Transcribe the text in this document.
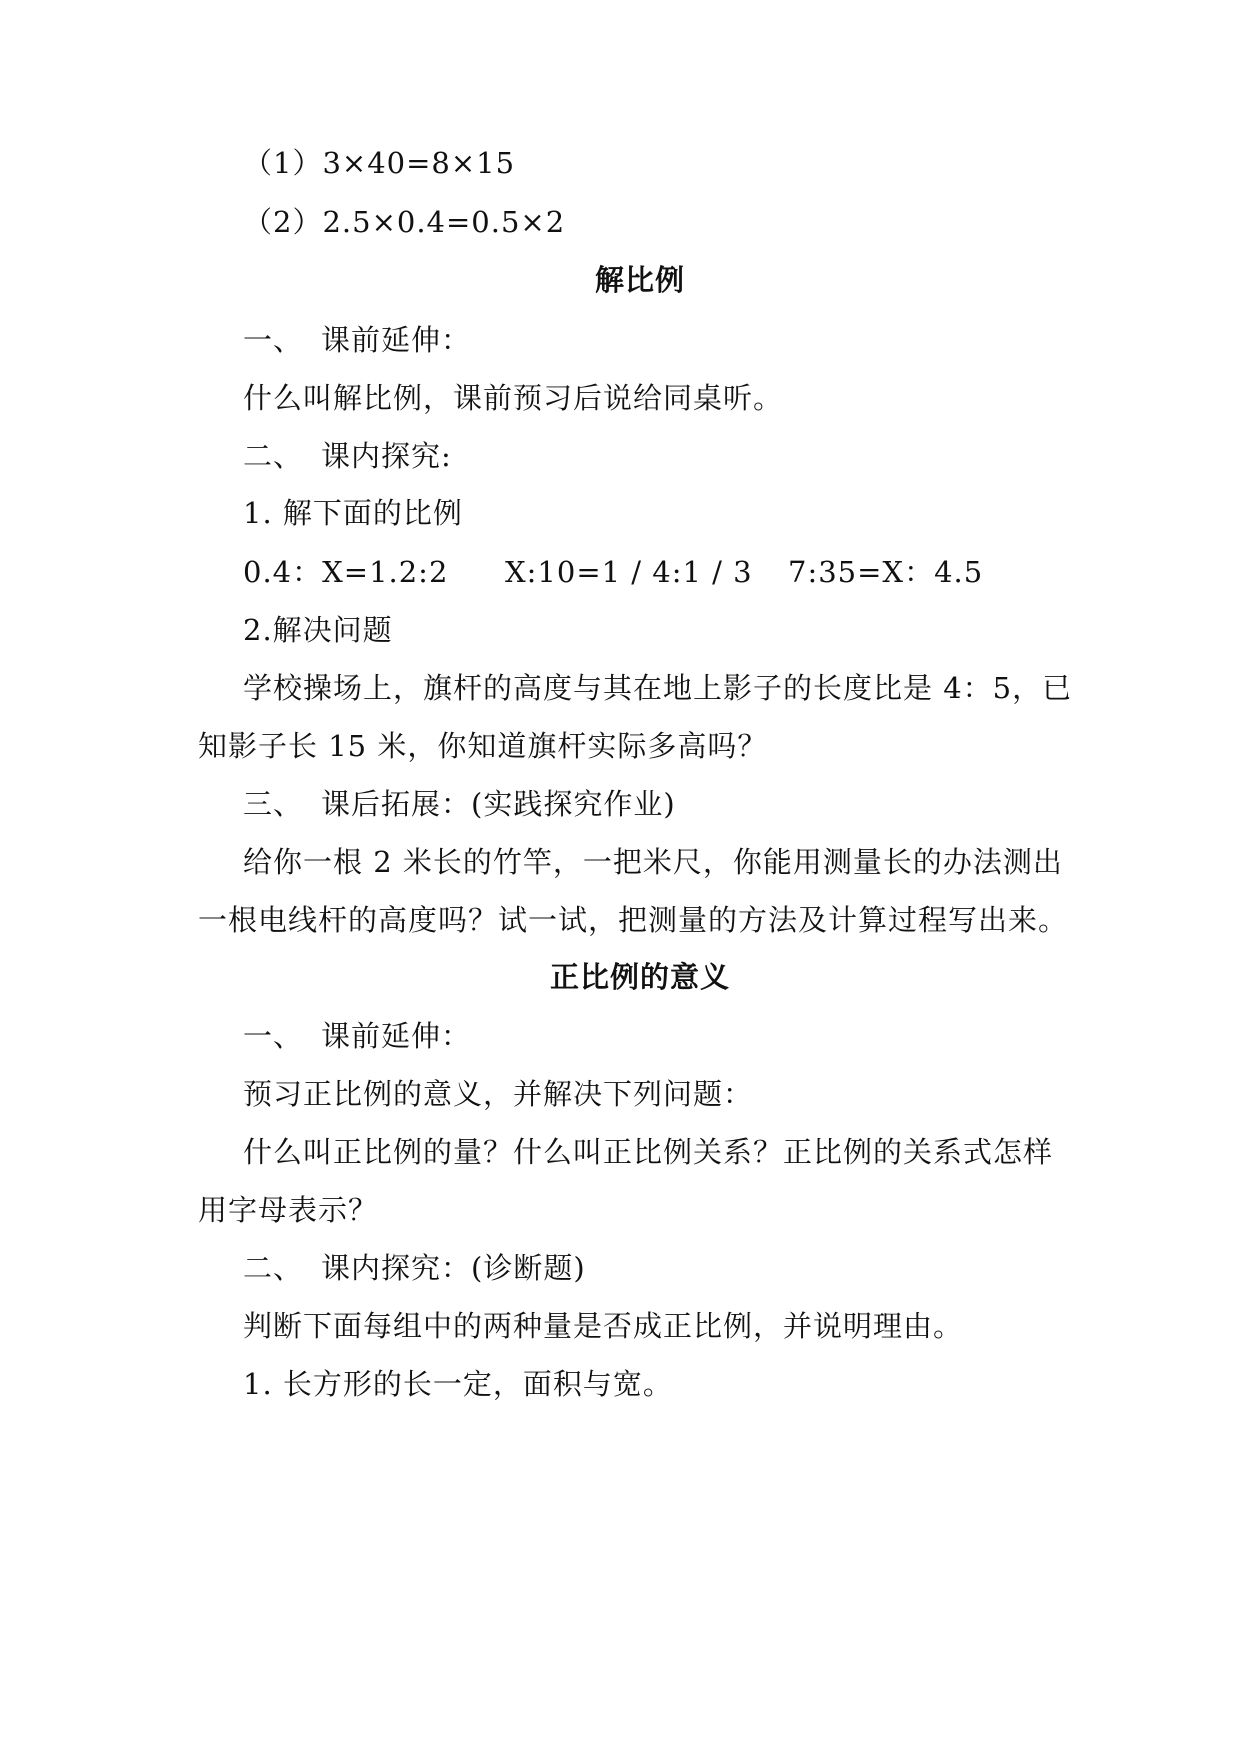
（1）3×40=8×15
（2）2.5×0.4=0.5×2
解比例
一、 课前延伸：
什么叫解比例，课前预习后说给同桌听。
二、 课内探究:
1. 解下面的比例
0.4：X=1.2:2 X:10=1 / 4:1 / 3 7:35=X：4.5
2.解决问题
学校操场上，旗杆的高度与其在地上影子的长度比是 4：5，已
知影子长 15 米，你知道旗杆实际多高吗？
三、 课后拓展：(实践探究作业)
给你一根 2 米长的竹竿，一把米尺，你能用测量长的办法测出
一根电线杆的高度吗？试一试，把测量的方法及计算过程写出来。
正比例的意义
一、 课前延伸：
预习正比例的意义，并解决下列问题：
什么叫正比例的量？什么叫正比例关系？正比例的关系式怎样
用字母表示？
二、 课内探究：(诊断题)
判断下面每组中的两种量是否成正比例，并说明理由。
1. 长方形的长一定，面积与宽。
